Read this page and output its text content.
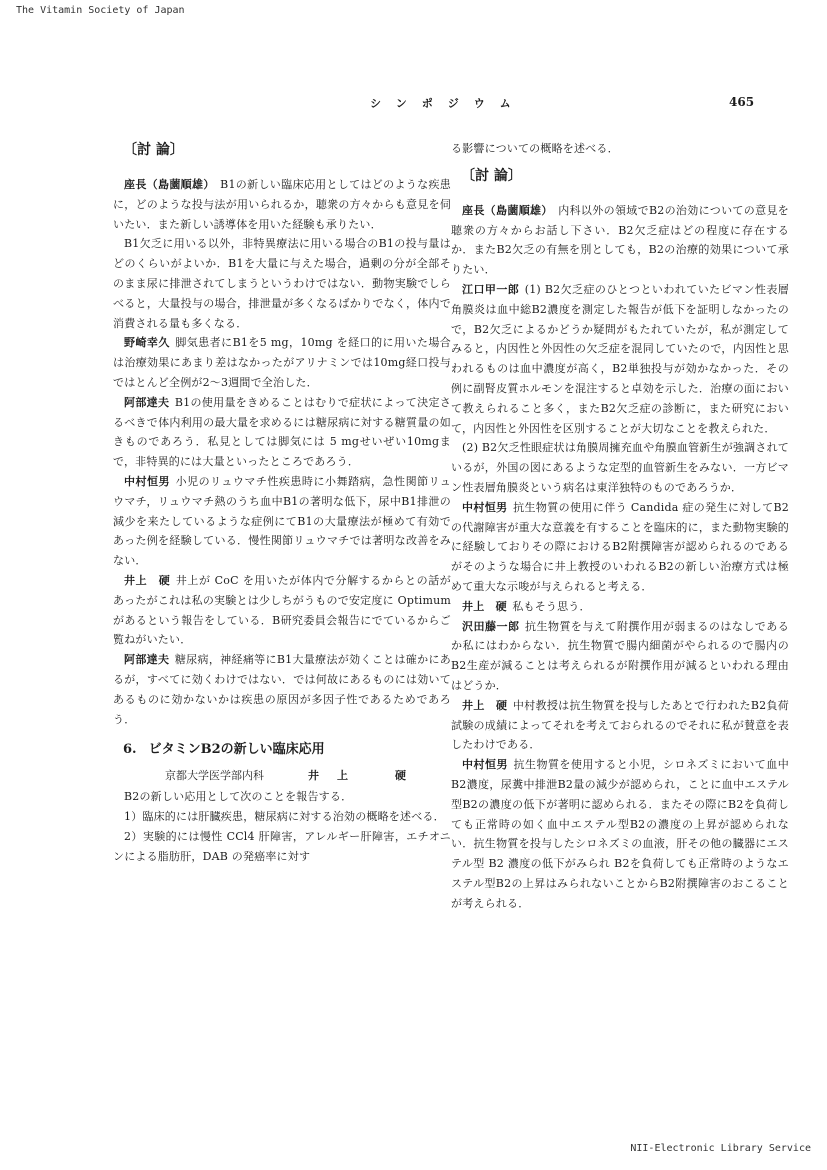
The Vitamin Society of Japan
シンポジウム	465
〔討 論〕

座長（島薗順雄） B1の新しい臨床応用としてはどのような疾患に，どのような投与法が用いられるか，聴衆の方々からも意見を伺いたい．また新しい誘導体を用いた経験も承りたい．

B1欠乏に用いる以外，非特異療法に用いる場合のB1の投与量はどのくらいがよいか．B1を大量に与えた場合，過剰の分が全部そのまま尿に排泄されてしまうというわけではない．動物実験でしらべると，大量投与の場合，排泄量が多くなるばかりでなく，体内で消費される量も多くなる．

野崎幸久 脚気患者にB1を5 mg，10mg を経口的に用いた場合は治療効果にあまり差はなかったがアリナミンでは10mg経口投与ではとんど全例が2～3週間で全治した．

阿部達夫 B1の使用量をきめることはむりで症状によって決定さるべきで体内利用の最大量を求めるには糖尿病に対する糖質量の如きものであろう．私見としては脚気には 5 mgせいぜい10mgまで，非特異的には大量といったところであろう．

中村恒男 小児のリュウマチ性疾患時に小舞踏病，急性関節リュウマチ，リュウマチ熱のうち血中B1の著明な低下，尿中B1排泄の減少を来たしているような症例にてB1の大量療法が極めて有効であった例を経験している．慢性関節リュウマチでは著明な改善をみない．

井上　硬 井上が CoC を用いたが体内で分解するからとの話があったがこれは私の実験とは少しちがうもので安定度に Optimum があるという報告をしている．B研究委員会報告にでているからご覧ねがいたい．

阿部達夫 糖尿病，神経痛等にB1大量療法が効くことは確かにあるが，すべてに効くわけではない．では何故にあるものには効いてあるものに効かないかは疾患の原因が多因子性であるためであろう．

6. ビタミンB2の新しい臨床応用
京都大学医学部内科	井上　硬

B2の新しい応用として次のことを報告する．

1）臨床的には肝臓疾患，糖尿病に対する治効の概略を述べる．

2）実験的には慢性 CCl4 肝障害，アレルギー肝障害，エチオニンによる脂肪肝，DAB の発癌率に対す

る影響についての概略を述べる．

〔討 論〕

座長（島薗順雄） 内科以外の領域でB2の治効についての意見を聴衆の方々からお話し下さい．B2欠乏症はどの程度に存在するか．またB2欠乏の有無を別としても，B2の治療的効果について承りたい．

江口甲一郎 (1) B2欠乏症のひとつといわれていたビマン性表層角膜炎は血中総B2濃度を測定した報告が低下を証明しなかったので，B2欠乏によるかどうか疑問がもたれていたが，私が測定してみると，内因性と外因性の欠乏症を混同していたので，内因性と思われるものは血中濃度が高く，B2単独投与が効かなかった．その例に副腎皮質ホルモンを混注すると卓効を示した．治療の面において教えられること多く，またB2欠乏症の診断に，また研究において，内因性と外因性を区別することが大切なことを教えられた．

(2) B2欠乏性眼症状は角膜周擁充血や角膜血管新生が強調されているが，外国の図にあるような定型的血管新生をみない．一方ビマン性表層角膜炎という病名は東洋独特のものであろうか．

中村恒男 抗生物質の使用に伴う Candida 症の発生に対してB2の代謝障害が重大な意義を有することを臨床的に，また動物実験的に経験しておりその際におけるB2附撰障害が認められるのであるがそのような場合に井上教授のいわれるB2の新しい治療方式は極めて重大な示唆が与えられると考える．

井上　硬 私もそう思う．

沢田藤一郎 抗生物質を与えて附撰作用が弱まるのはなしであるか私にはわからない．抗生物質で腸内細菌がやられるので腸内のB2生産が減ることは考えられるが附撰作用が減るといわれる理由はどうか．

井上　硬 中村教授は抗生物質を投与したあとで行われたB2負荷試験の成績によってそれを考えておられるのでそれに私が賛意を表したわけである．

中村恒男 抗生物質を使用すると小児，シロネズミにおいて血中B2濃度，尿糞中排泄B2量の減少が認められ，ことに血中エステル型B2の濃度の低下が著明に認められる．またその際にB2を負荷しても正常時の如く血中エステル型B2の濃度の上昇が認められない．抗生物質を投与したシロネズミの血液，肝その他の臓器にエステル型 B2 濃度の低下がみられ B2を負荷しても正常時のようなエステル型B2の上昇はみられないことからB2附撰障害のおこることが考えられる．

NII-Electronic Library Service
